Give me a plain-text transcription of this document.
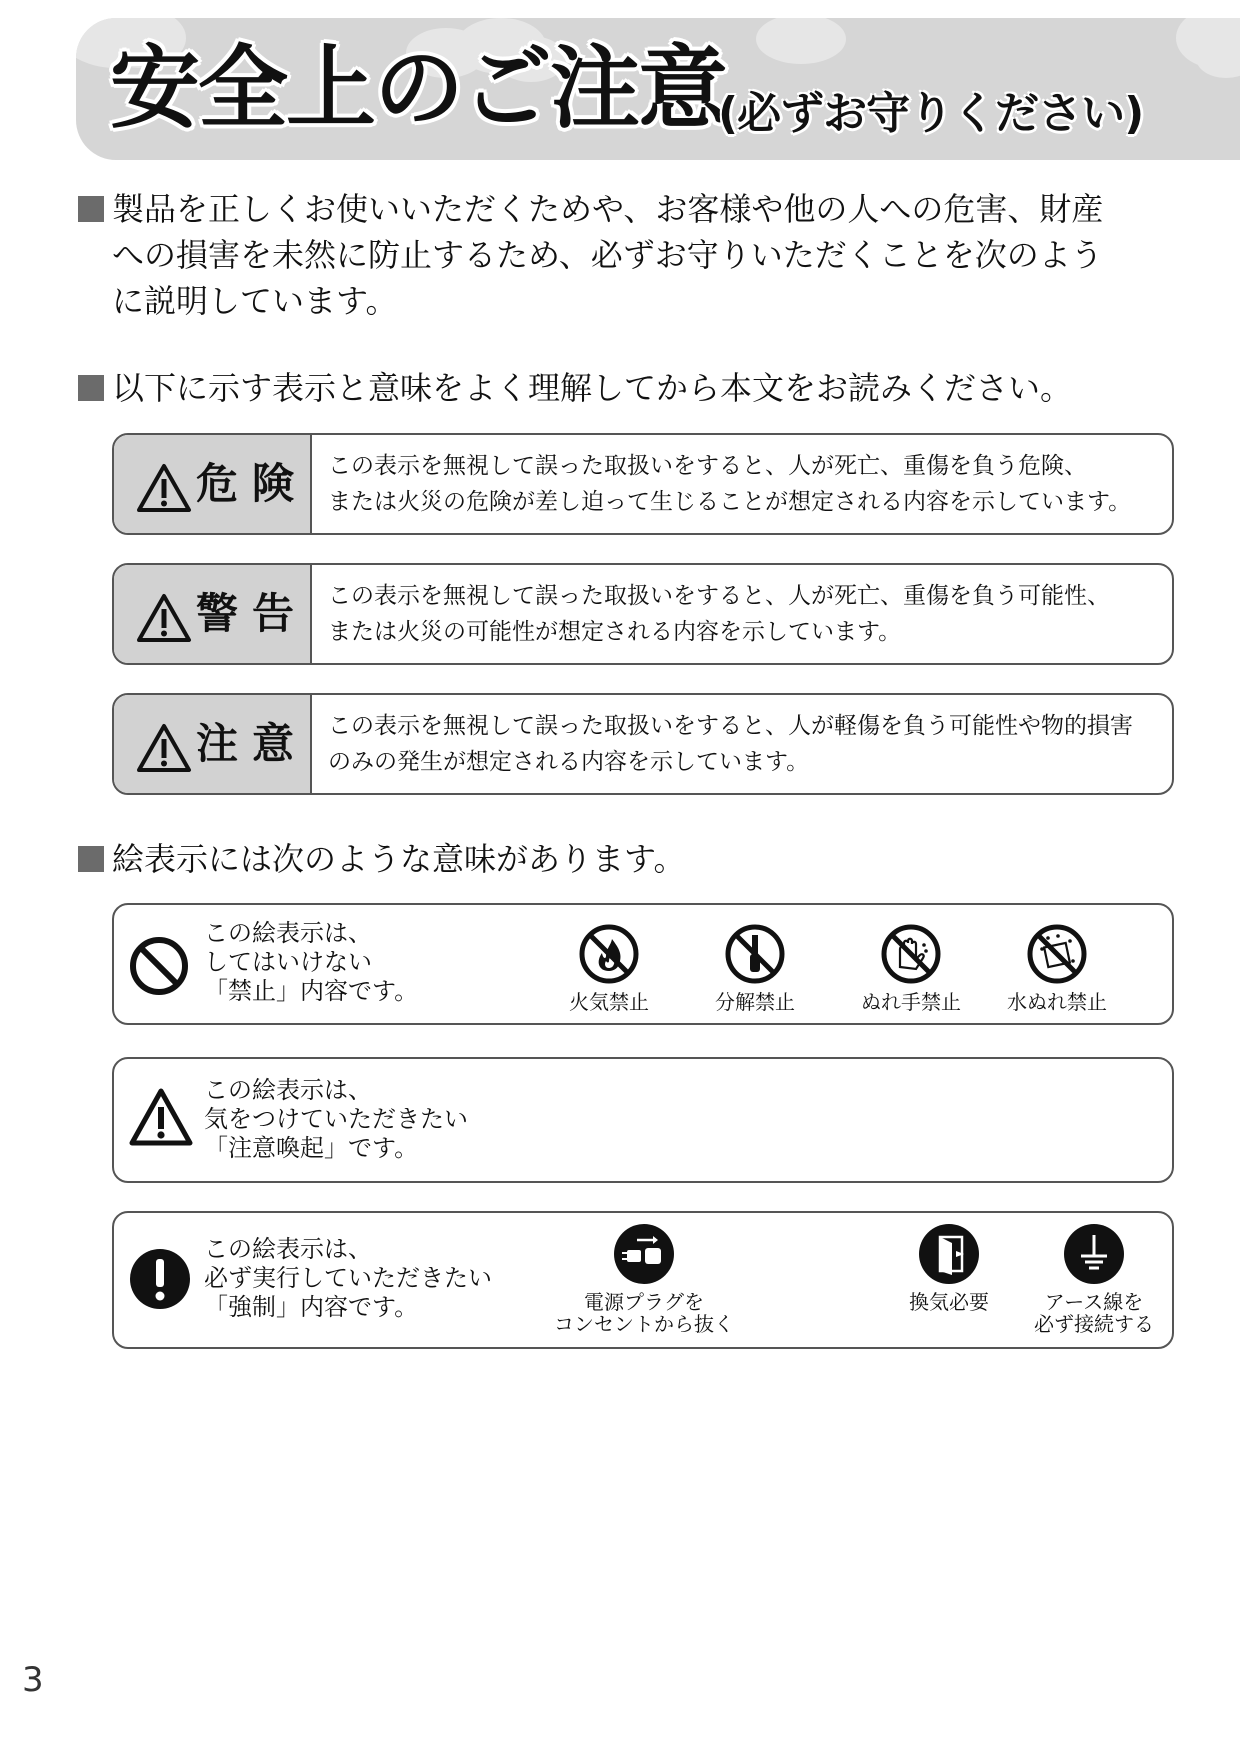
安全上のご注意
(必ずお守りください)
製品を正しくお使いいただくためや、お客様や他の人への危害、財産
への損害を未然に防止するため、必ずお守りいただくことを次のよう
に説明しています。
以下に示す表示と意味をよく理解してから本文をお読みください。
危険 この表示を無視して誤った取扱いをすると、人が死亡、重傷を負う危険、
または火災の危険が差し迫って生じることが想定される内容を示しています。
警告 この表示を無視して誤った取扱いをすると、人が死亡、重傷を負う可能性、
または火災の可能性が想定される内容を示しています。
注意 この表示を無視して誤った取扱いをすると、人が軽傷を負う可能性や物的損害
のみの発生が想定される内容を示しています。
絵表示には次のような意味があります。
この絵表示は、
してはいけない
「禁止」内容です。	火気禁止	分解禁止	ぬれ手禁止	水ぬれ禁止
この絵表示は、
気をつけていただきたい
「注意喚起」です。
この絵表示は、
必ず実行していただきたい
「強制」内容です。	電源プラグを
コンセントから抜く
換気必要	アース線を
必ず接続する
3
